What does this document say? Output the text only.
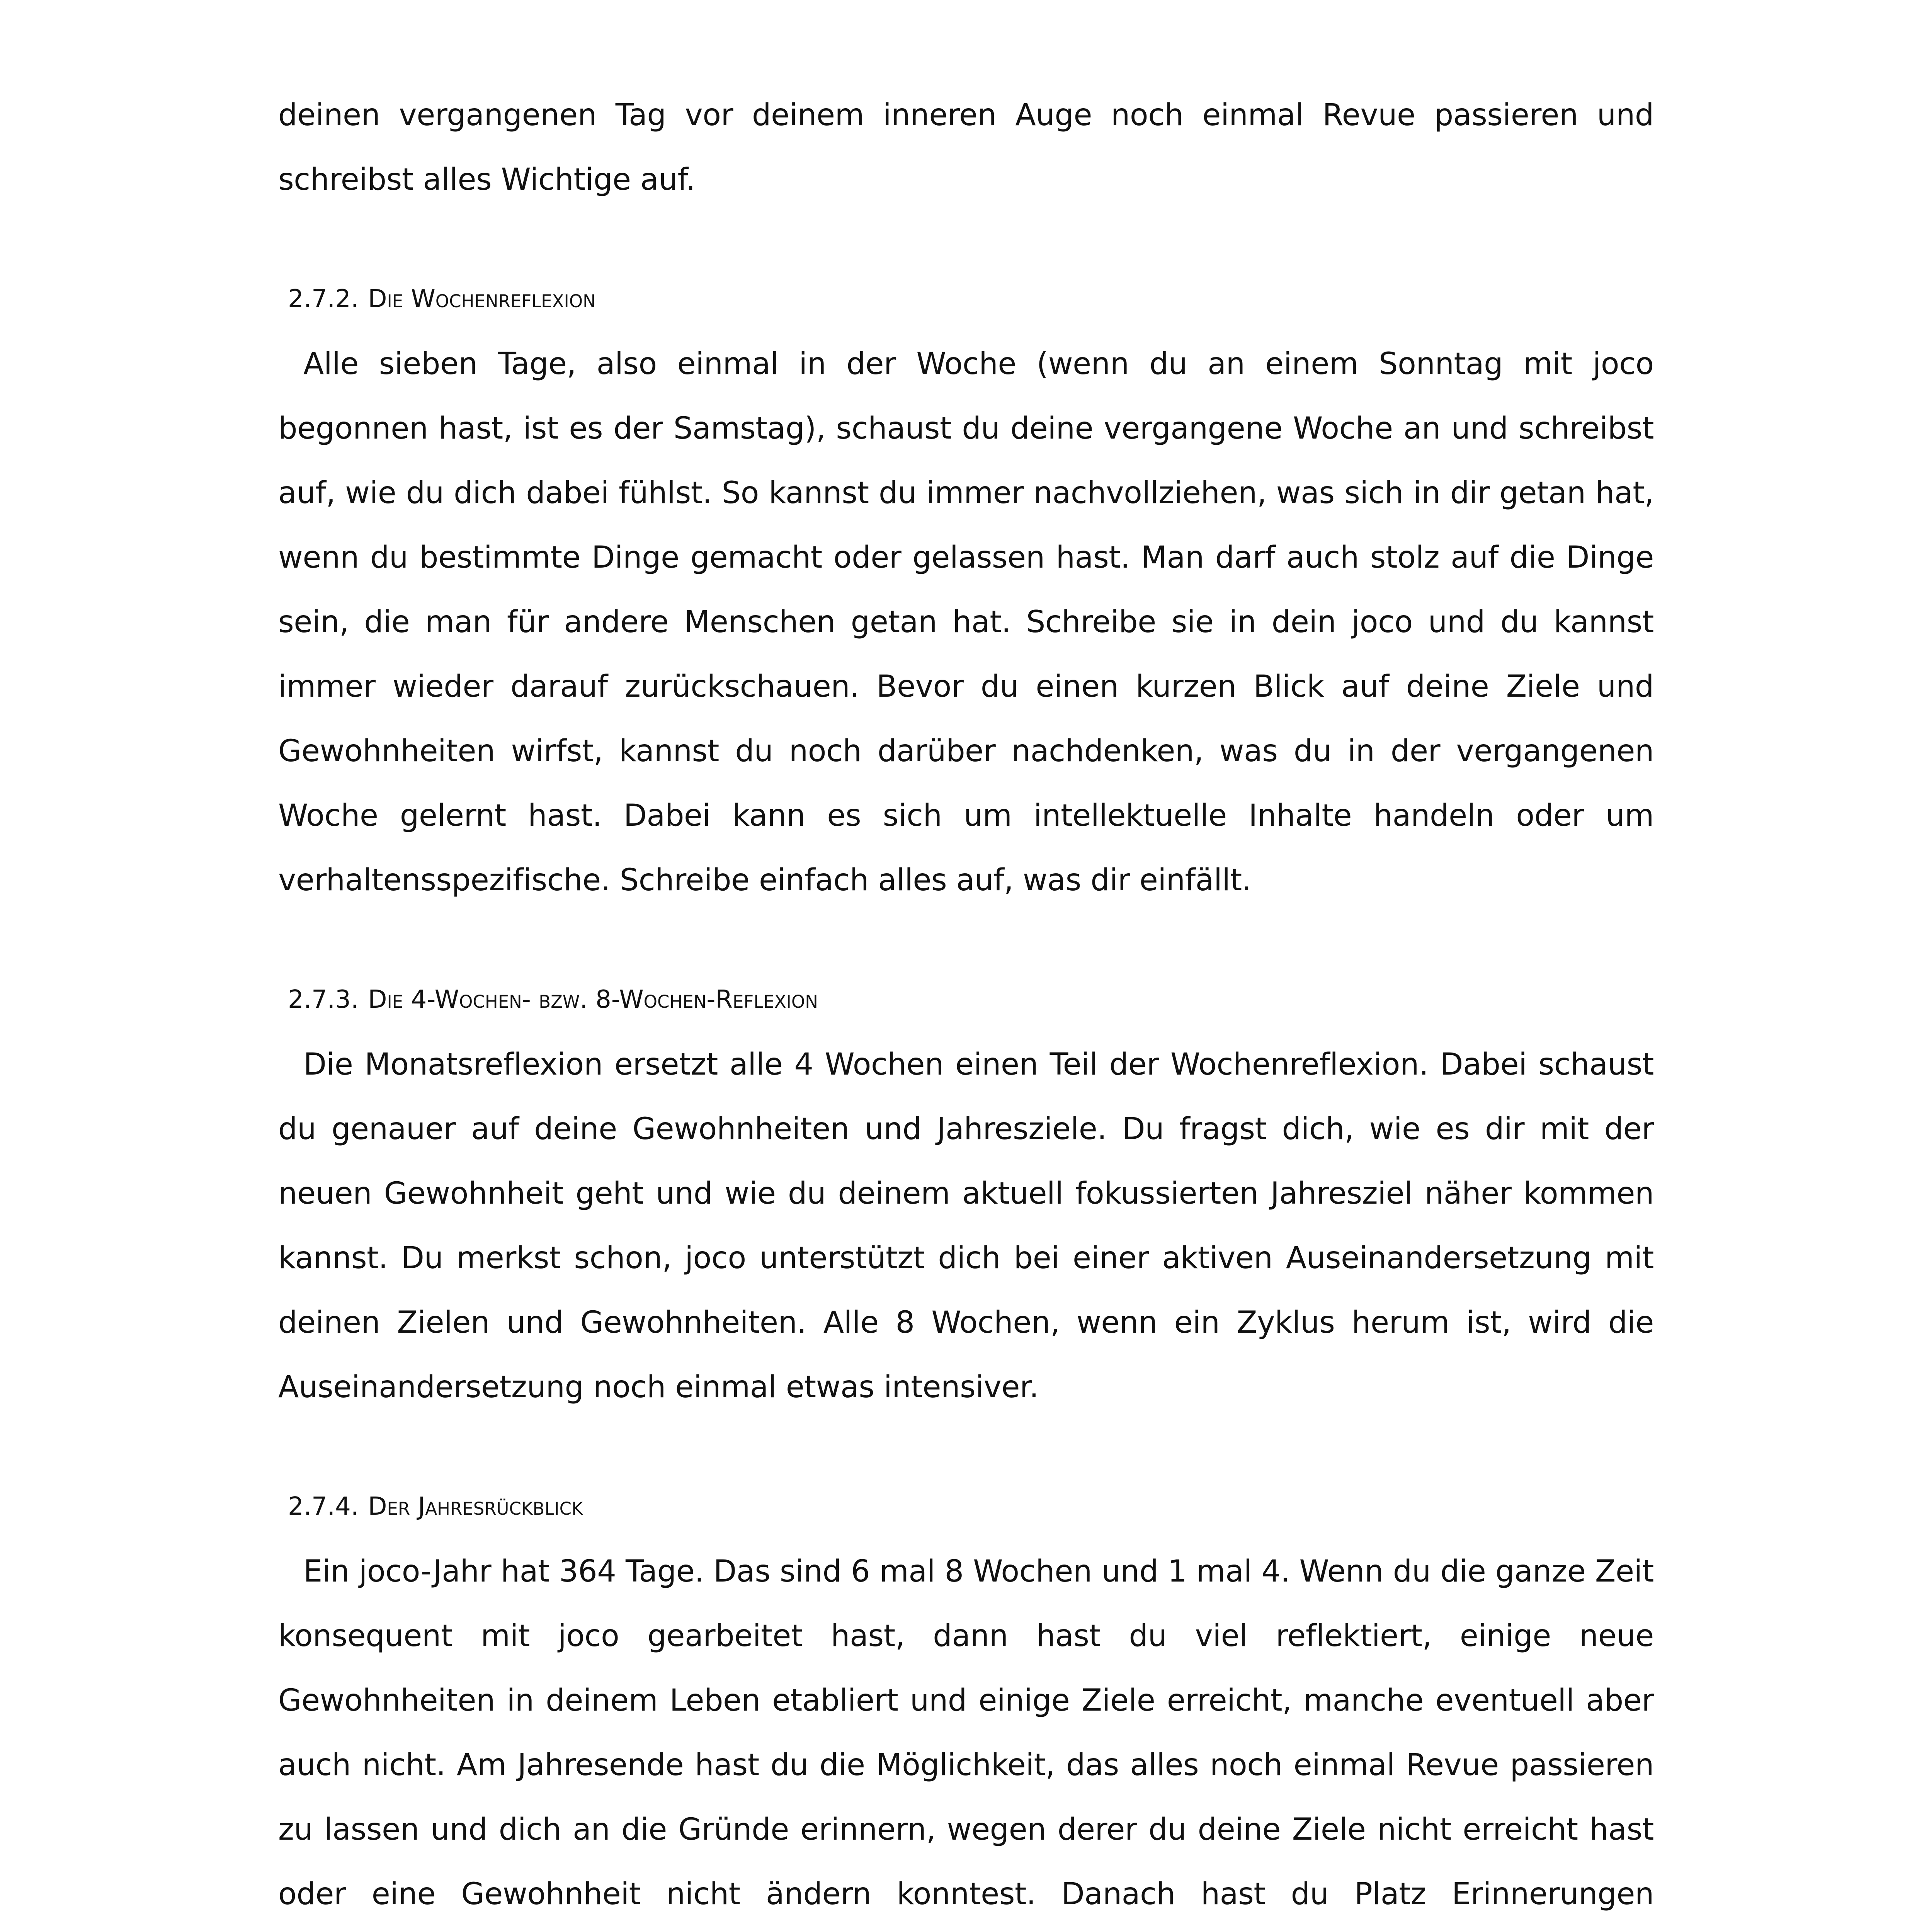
deinen vergangenen Tag vor deinem inneren Auge noch einmal Revue passieren und schreibst alles Wichtige auf.

2.7.2. Die Wochenreflexion

Alle sieben Tage, also einmal in der Woche (wenn du an einem Sonntag mit joco begonnen hast, ist es der Samstag), schaust du deine vergangene Woche an und schreibst auf, wie du dich dabei fühlst. So kannst du immer nachvollziehen, was sich in dir getan hat, wenn du bestimmte Dinge gemacht oder gelassen hast. Man darf auch stolz auf die Dinge sein, die man für andere Menschen getan hat. Schreibe sie in dein joco und du kannst immer wieder darauf zurückschauen. Bevor du einen kurzen Blick auf deine Ziele und Gewohnheiten wirfst, kannst du noch darüber nachdenken, was du in der vergangenen Woche gelernt hast. Dabei kann es sich um intellektuelle Inhalte handeln oder um verhaltensspezifische. Schreibe einfach alles auf, was dir einfällt.

2.7.3. Die 4-Wochen- bzw. 8-Wochen-Reflexion

Die Monatsreflexion ersetzt alle 4 Wochen einen Teil der Wochenreflexion. Dabei schaust du genauer auf deine Gewohnheiten und Jahresziele. Du fragst dich, wie es dir mit der neuen Gewohnheit geht und wie du deinem aktuell fokussierten Jahresziel näher kommen kannst. Du merkst schon, joco unterstützt dich bei einer aktiven Auseinandersetzung mit deinen Zielen und Gewohnheiten. Alle 8 Wochen, wenn ein Zyklus herum ist, wird die Auseinandersetzung noch einmal etwas intensiver.

2.7.4. Der Jahresrückblick

Ein joco-Jahr hat 364 Tage. Das sind 6 mal 8 Wochen und 1 mal 4. Wenn du die ganze Zeit konsequent mit joco gearbeitet hast, dann hast du viel reflektiert, einige neue Gewohnheiten in deinem Leben etabliert und einige Ziele erreicht, manche eventuell aber auch nicht. Am Jahresende hast du die Möglichkeit, das alles noch einmal Revue passieren zu lassen und dich an die Gründe erinnern, wegen derer du deine Ziele nicht erreicht hast oder eine Gewohnheit nicht ändern konntest. Danach hast du Platz Erinnerungen
